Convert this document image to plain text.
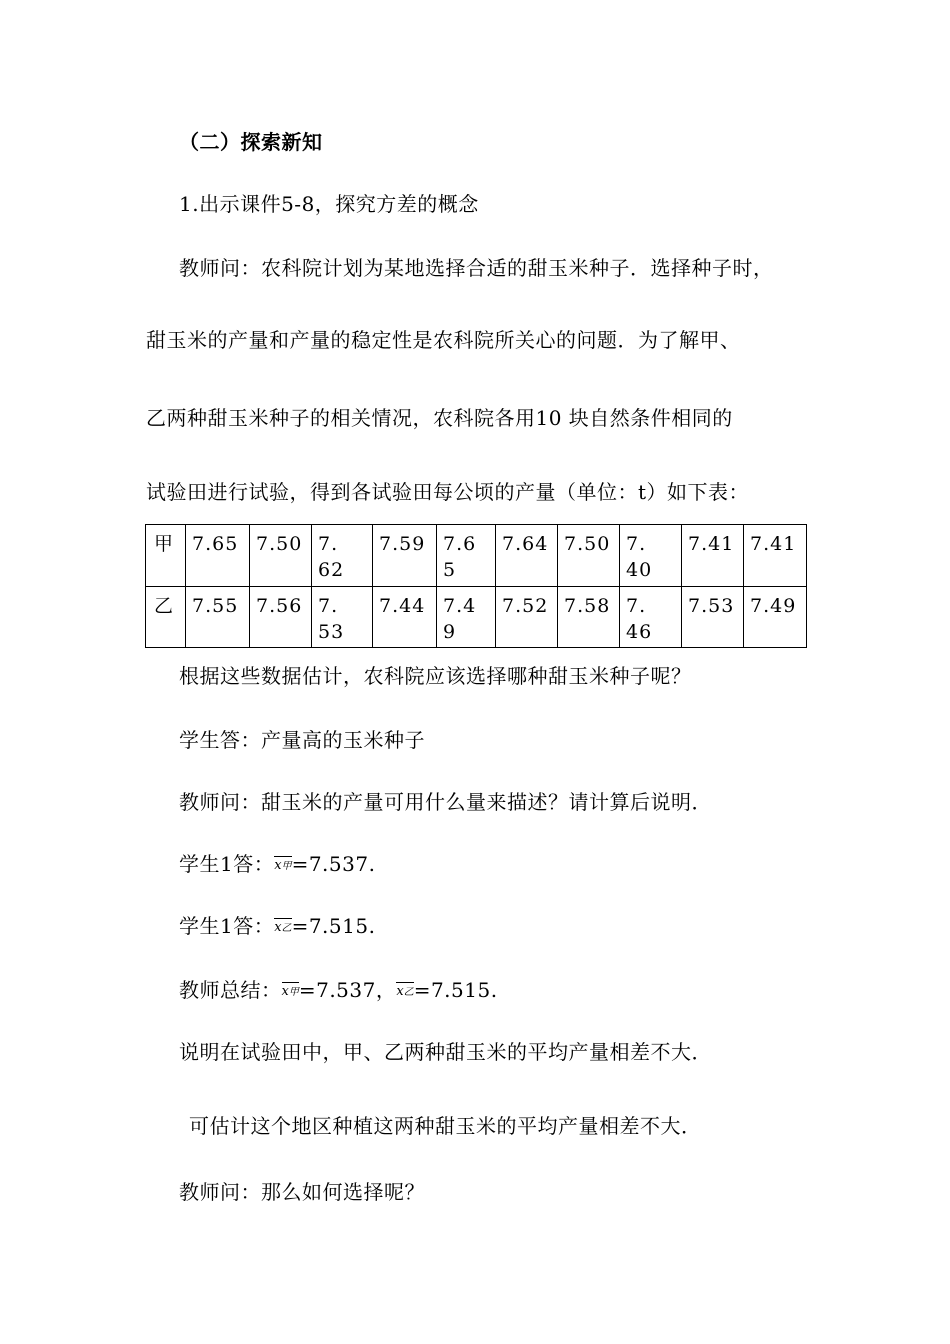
（二）探索新知
1.出示课件5-8，探究方差的概念
教师问：农科院计划为某地选择合适的甜玉米种子．选择种子时，
甜玉米的产量和产量的稳定性是农科院所关心的问题．为了解甲、
乙两种甜玉米种子的相关情况，农科院各用10 块自然条件相同的
试验田进行试验，得到各试验田每公顷的产量（单位：t）如下表：
甲	7.65	7.50	7.62	7.59	7.65	7.64	7.50	7.40	7.41	7.41
乙	7.55	7.56	7.53	7.44	7.49	7.52	7.58	7.46	7.53	7.49
根据这些数据估计，农科院应该选择哪种甜玉米种子呢？
学生答：产量高的玉米种子
教师问：甜玉米的产量可用什么量来描述？请计算后说明．
学生1答：x甲=7.537.
学生1答：x乙=7.515.
教师总结：x甲=7.537，x乙=7.515.
说明在试验田中，甲、乙两种甜玉米的平均产量相差不大．
可估计这个地区种植这两种甜玉米的平均产量相差不大．
教师问：那么如何选择呢？
